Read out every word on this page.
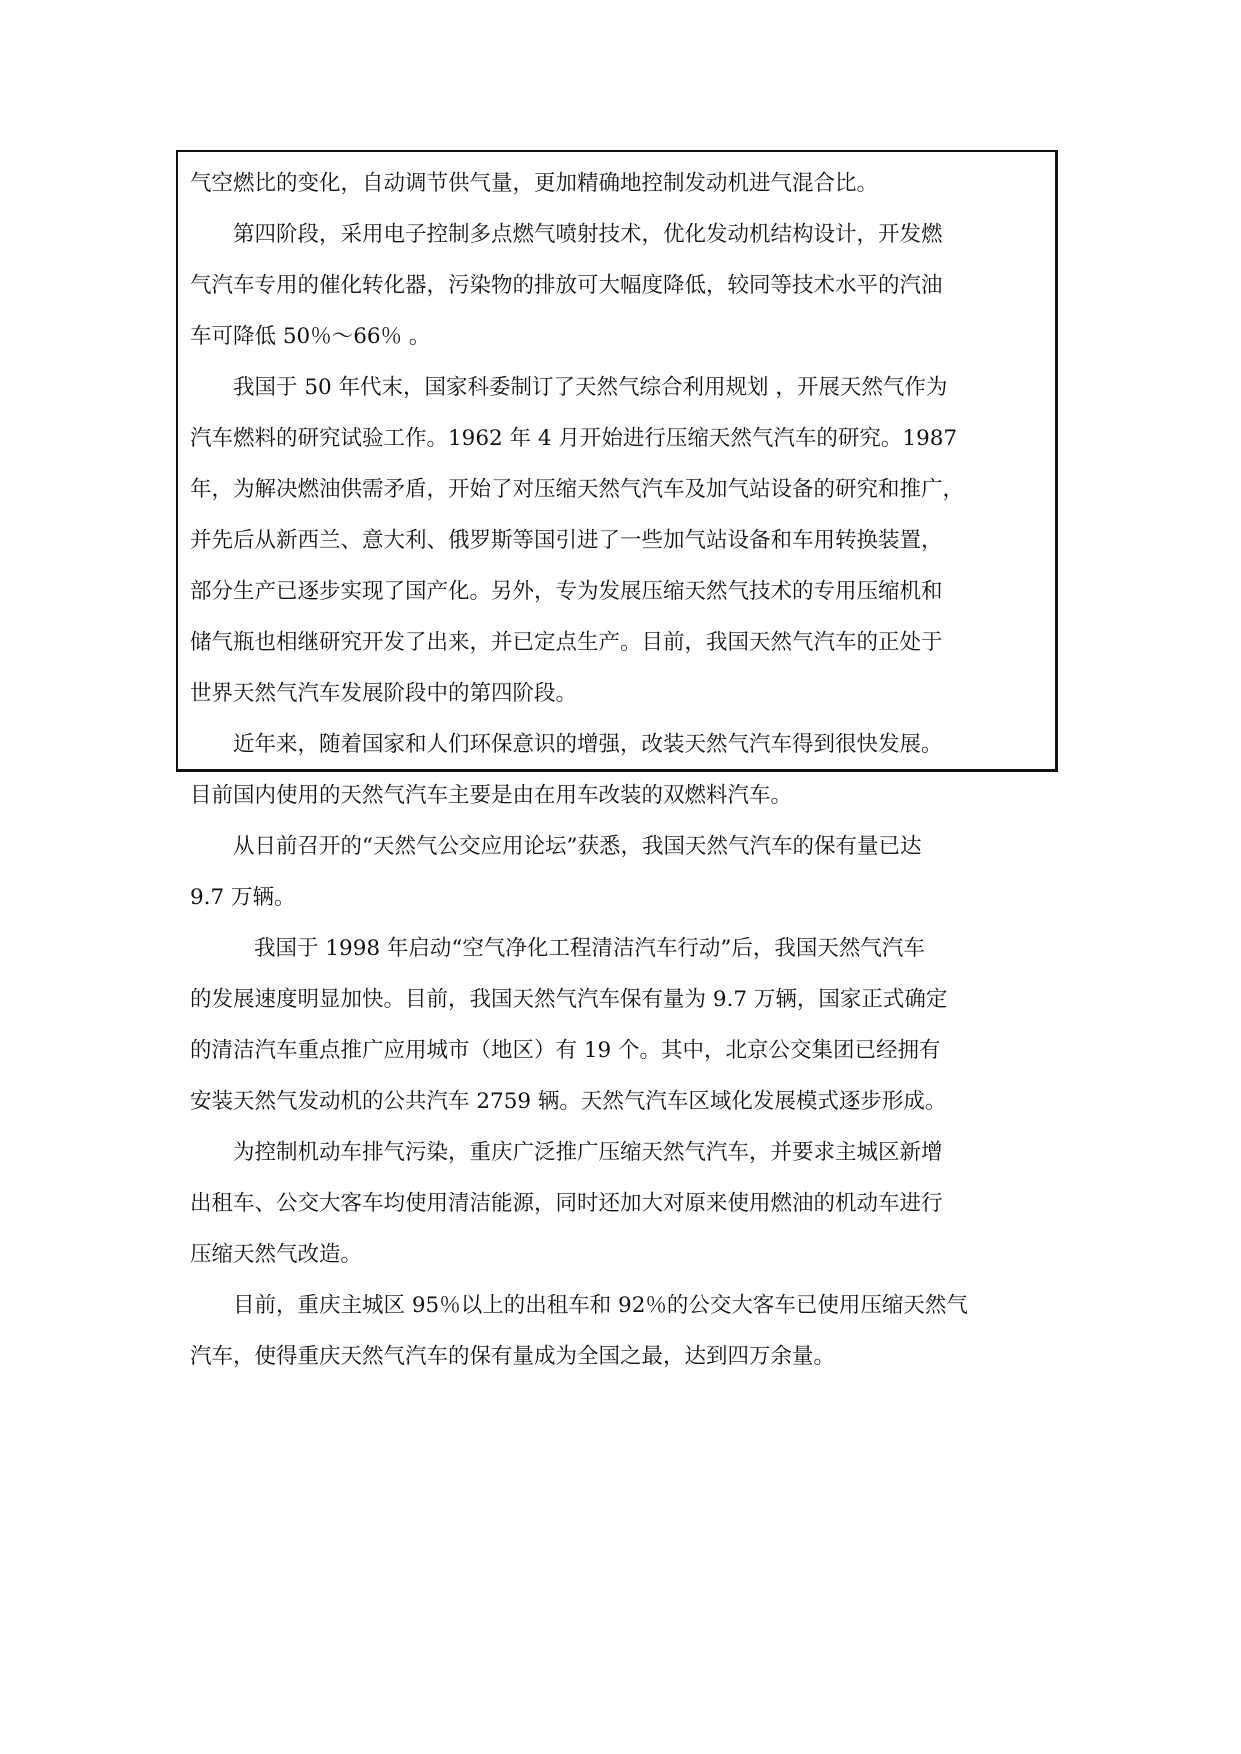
气空燃比的变化，自动调节供气量，更加精确地控制发动机进气混合比。
第四阶段，采用电子控制多点燃气喷射技术，优化发动机结构设计，开发燃
气汽车专用的催化转化器，污染物的排放可大幅度降低，较同等技术水平的汽油
车可降低 50％～66％ 。
我国于 50 年代末，国家科委制订了天然气综合利用规划 ，开展天然气作为
汽车燃料的研究试验工作。1962 年 4 月开始进行压缩天然气汽车的研究。1987
年，为解决燃油供需矛盾，开始了对压缩天然气汽车及加气站设备的研究和推广，
并先后从新西兰、意大利、俄罗斯等国引进了一些加气站设备和车用转换装置，
部分生产已逐步实现了国产化。另外，专为发展压缩天然气技术的专用压缩机和
储气瓶也相继研究开发了出来，并已定点生产。目前，我国天然气汽车的正处于
世界天然气汽车发展阶段中的第四阶段。
近年来，随着国家和人们环保意识的增强，改装天然气汽车得到很快发展。
目前国内使用的天然气汽车主要是由在用车改装的双燃料汽车。
从日前召开的“天然气公交应用论坛”获悉，我国天然气汽车的保有量已达
9.7 万辆。
我国于 1998 年启动“空气净化工程清洁汽车行动”后，我国天然气汽车
的发展速度明显加快。目前，我国天然气汽车保有量为 9.7 万辆，国家正式确定
的清洁汽车重点推广应用城市（地区）有 19 个。其中，北京公交集团已经拥有
安装天然气发动机的公共汽车 2759 辆。天然气汽车区域化发展模式逐步形成。
为控制机动车排气污染，重庆广泛推广压缩天然气汽车，并要求主城区新增
出租车、公交大客车均使用清洁能源，同时还加大对原来使用燃油的机动车进行
压缩天然气改造。
目前，重庆主城区 95％以上的出租车和 92％的公交大客车已使用压缩天然气
汽车，使得重庆天然气汽车的保有量成为全国之最，达到四万余量。
